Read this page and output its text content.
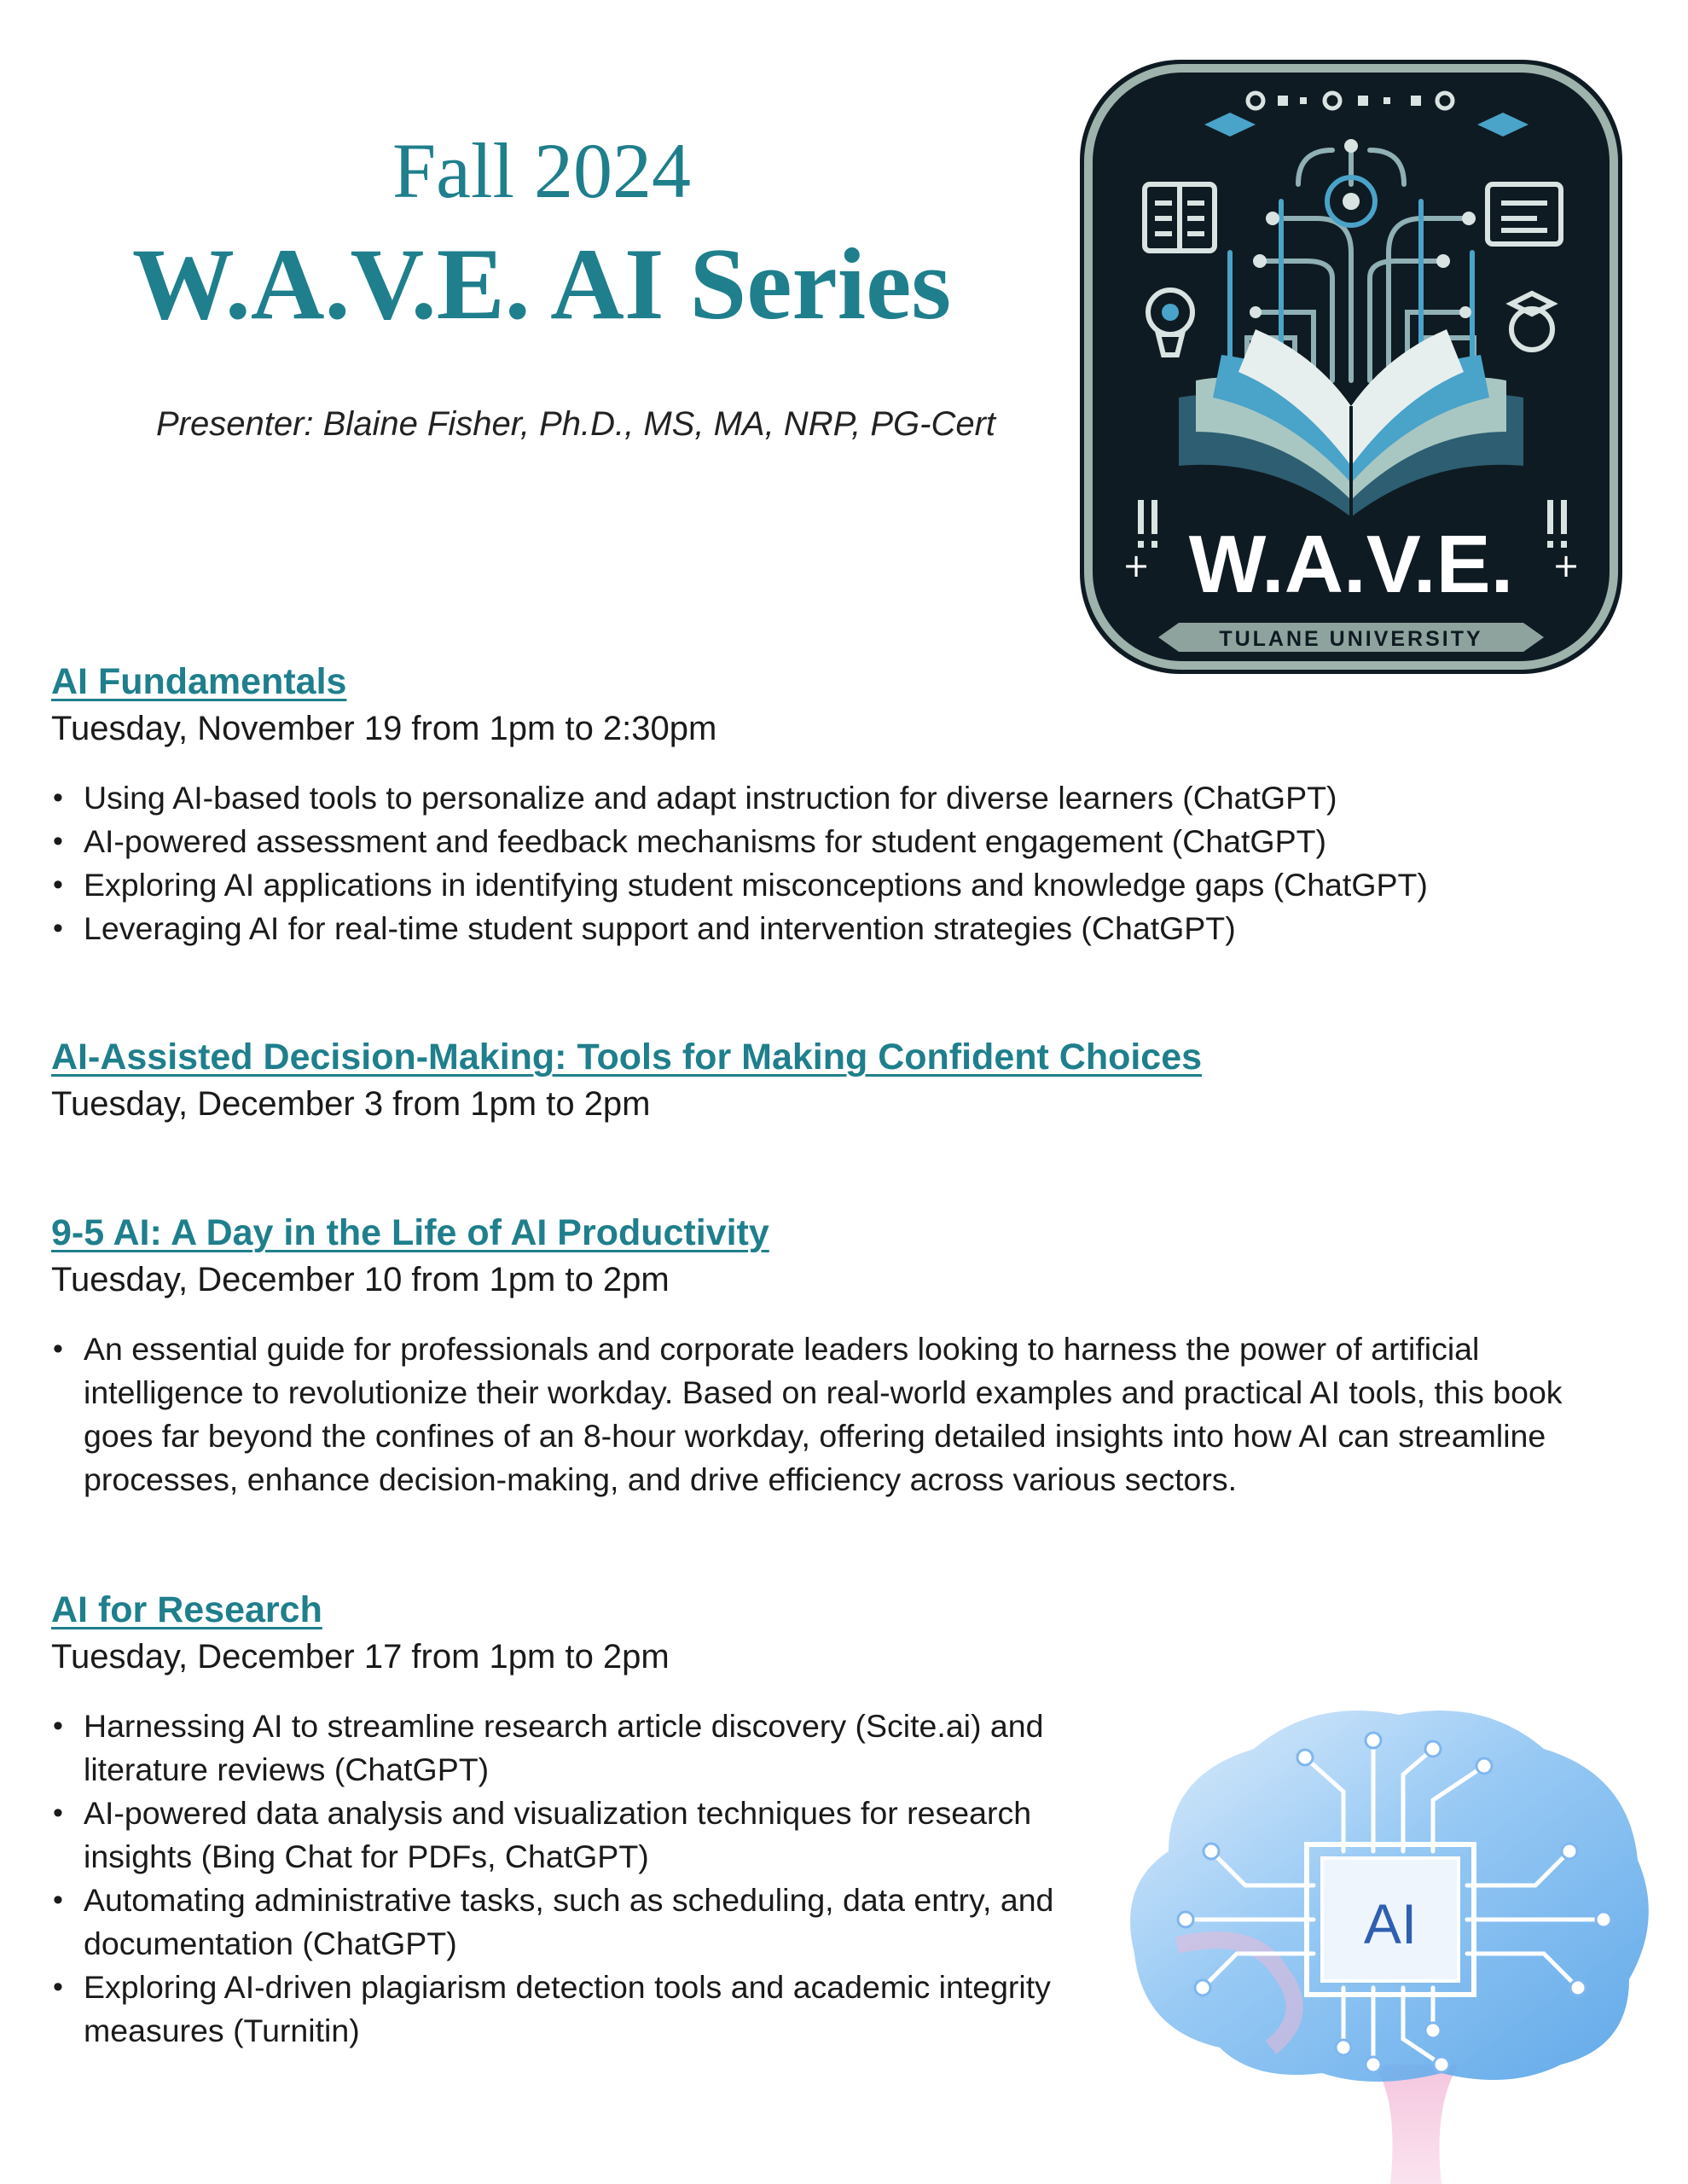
Fall 2024
W.A.V.E. AI Series
Presenter: Blaine Fisher, Ph.D., MS, MA, NRP, PG-Cert
W.A.V.E.
+	+
TULANE UNIVERSITY
AI Fundamentals
Tuesday, November 19 from 1pm to 2:30pm
• Using AI-based tools to personalize and adapt instruction for diverse learners (ChatGPT)
• AI-powered assessment and feedback mechanisms for student engagement (ChatGPT)
• Exploring AI applications in identifying student misconceptions and knowledge gaps (ChatGPT)
• Leveraging AI for real-time student support and intervention strategies (ChatGPT)
AI-Assisted Decision-Making: Tools for Making Confident Choices
Tuesday, December 3 from 1pm to 2pm
9-5 AI: A Day in the Life of AI Productivity
Tuesday, December 10 from 1pm to 2pm
• An essential guide for professionals and corporate leaders looking to harness the power of artificial intelligence to revolutionize their workday. Based on real-world examples and practical AI tools, this book goes far beyond the confines of an 8-hour workday, offering detailed insights into how AI can streamline processes, enhance decision-making, and drive efficiency across various sectors.
AI for Research
Tuesday, December 17 from 1pm to 2pm
• Harnessing AI to streamline research article discovery (Scite.ai) and literature reviews (ChatGPT)
• AI-powered data analysis and visualization techniques for research insights (Bing Chat for PDFs, ChatGPT)
• Automating administrative tasks, such as scheduling, data entry, and documentation (ChatGPT)
• Exploring AI-driven plagiarism detection tools and academic integrity measures (Turnitin)
AI
